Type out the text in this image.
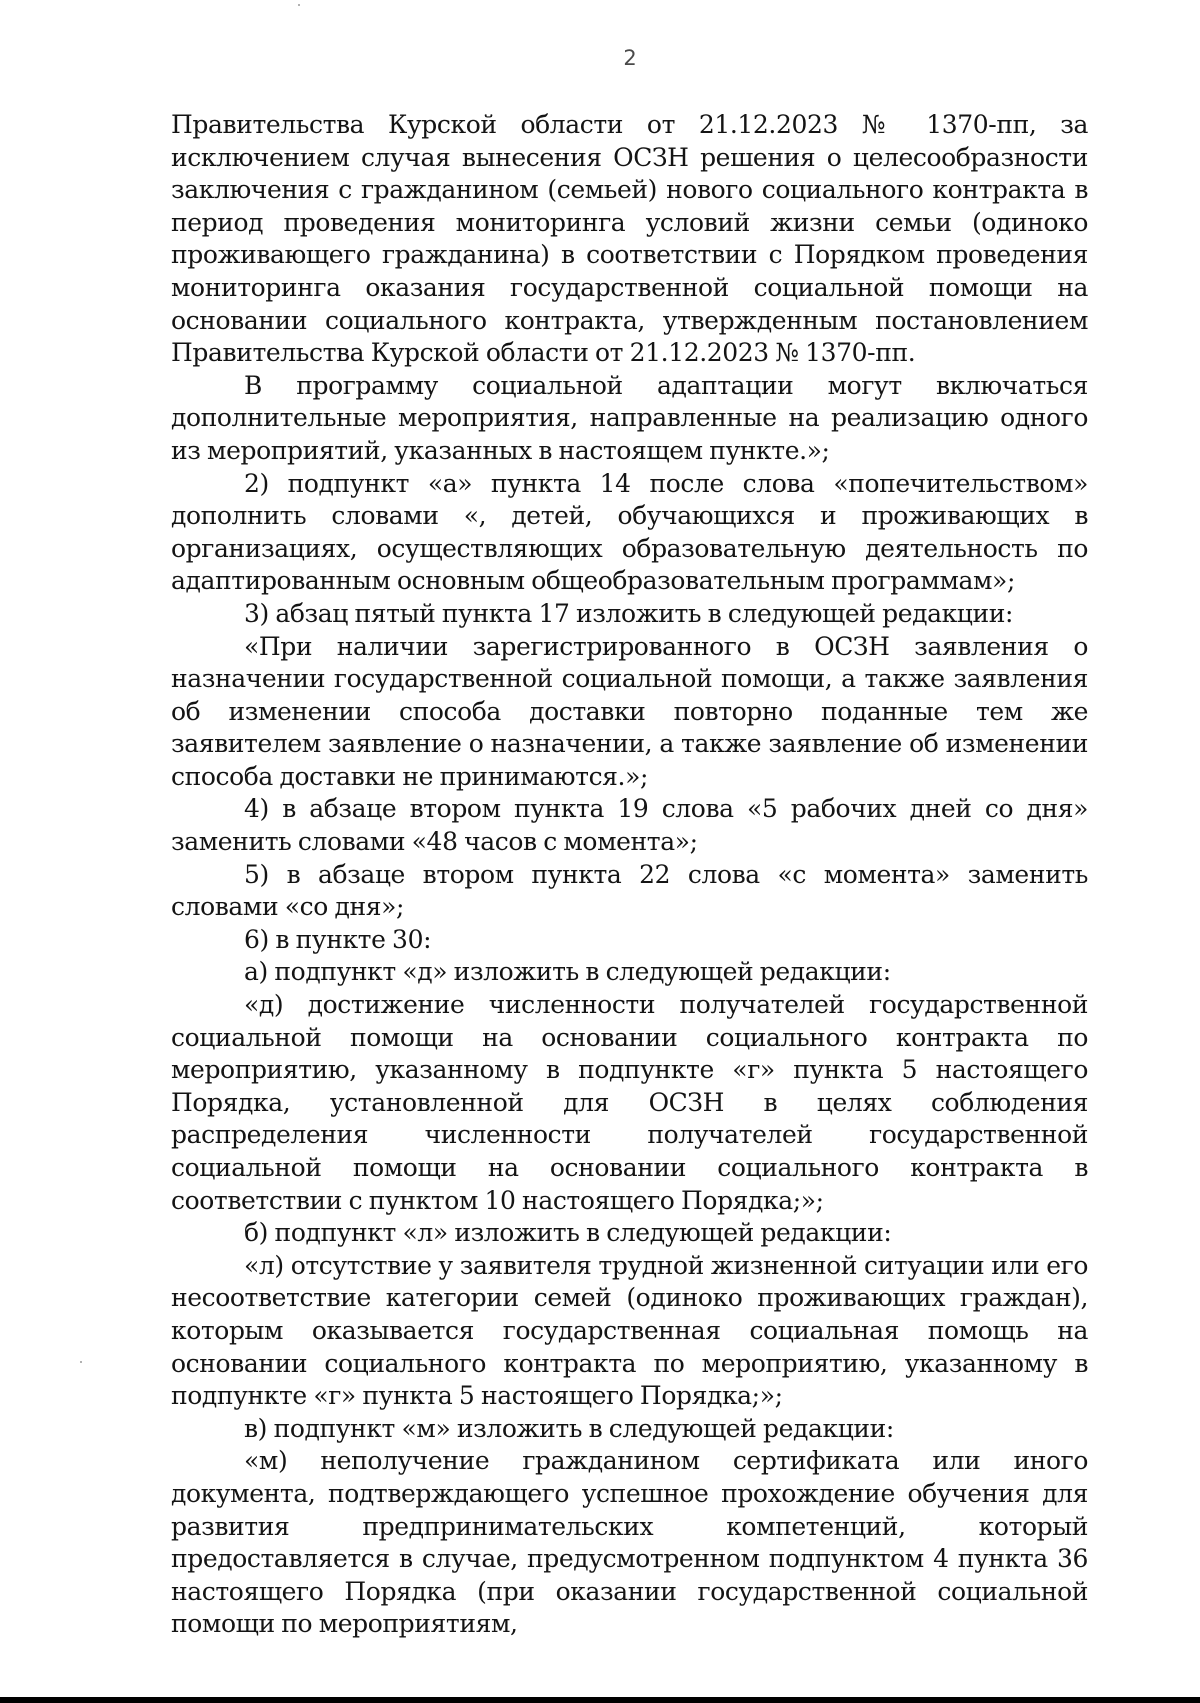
2

Правительства Курской области от 21.12.2023 № 1370-пп, за исключением случая вынесения ОСЗН решения о целесообразности заключения с гражданином (семьей) нового социального контракта в период проведения мониторинга условий жизни семьи (одиноко проживающего гражданина) в соответствии с Порядком проведения мониторинга оказания государственной социальной помощи на основании социального контракта, утвержденным постановлением Правительства Курской области от 21.12.2023 № 1370-пп.

В программу социальной адаптации могут включаться дополнительные мероприятия, направленные на реализацию одного из мероприятий, указанных в настоящем пункте.»;

2) подпункт «а» пункта 14 после слова «попечительством» дополнить словами «, детей, обучающихся и проживающих в организациях, осуществляющих образовательную деятельность по адаптированным основным общеобразовательным программам»;

3) абзац пятый пункта 17 изложить в следующей редакции:

«При наличии зарегистрированного в ОСЗН заявления о назначении государственной социальной помощи, а также заявления об изменении способа доставки повторно поданные тем же заявителем заявление о назначении, а также заявление об изменении способа доставки не принимаются.»;

4) в абзаце втором пункта 19 слова «5 рабочих дней со дня» заменить словами «48 часов с момента»;

5) в абзаце втором пункта 22 слова «с момента» заменить словами «со дня»;

6) в пункте 30:

а) подпункт «д» изложить в следующей редакции:

«д) достижение численности получателей государственной социальной помощи на основании социального контракта по мероприятию, указанному в подпункте «г» пункта 5 настоящего Порядка, установленной для ОСЗН в целях соблюдения распределения численности получателей государственной социальной помощи на основании социального контракта в соответствии с пунктом 10 настоящего Порядка;»;

б) подпункт «л» изложить в следующей редакции:

«л) отсутствие у заявителя трудной жизненной ситуации или его несоответствие категории семей (одиноко проживающих граждан), которым оказывается государственная социальная помощь на основании социального контракта по мероприятию, указанному в подпункте «г» пункта 5 настоящего Порядка;»;

в) подпункт «м» изложить в следующей редакции:

«м) неполучение гражданином сертификата или иного документа, подтверждающего успешное прохождение обучения для развития предпринимательских компетенций, который предоставляется в случае, предусмотренном подпунктом 4 пункта 36 настоящего Порядка (при оказании государственной социальной помощи по мероприятиям,
